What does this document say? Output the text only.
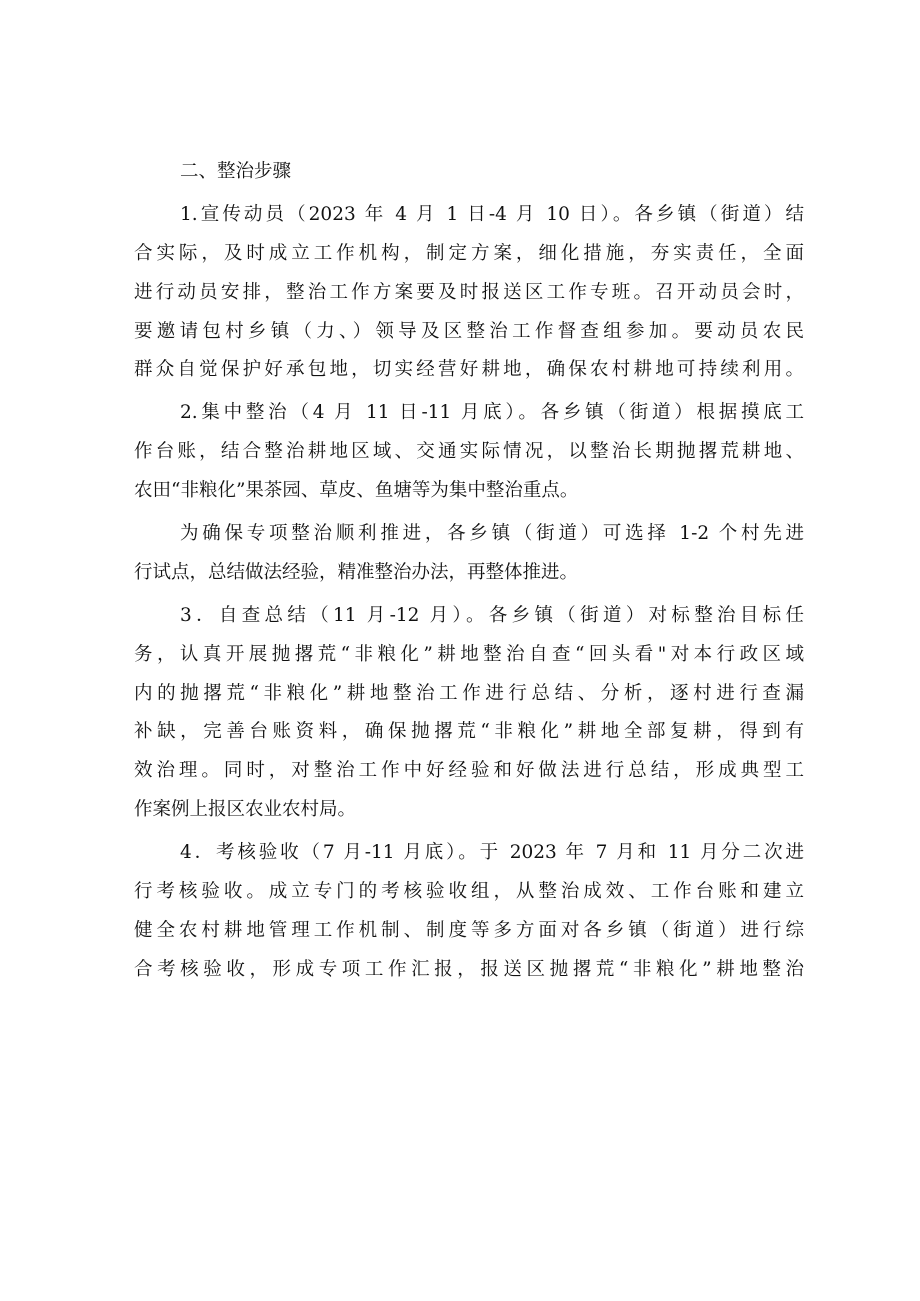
二、整治步骤
1.宣传动员（2023 年 4 月 1 日-4 月 10 日）。各乡镇（街道）结
合实际，及时成立工作机构，制定方案，细化措施，夯实责任，全面
进行动员安排，整治工作方案要及时报送区工作专班。召开动员会时，
要邀请包村乡镇（力、）领导及区整治工作督查组参加。要动员农民
群众自觉保护好承包地，切实经营好耕地，确保农村耕地可持续利用。
2.集中整治（4 月 11 日-11 月底）。各乡镇（街道）根据摸底工
作台账，结合整治耕地区域、交通实际情况，以整治长期抛撂荒耕地、
农田“非粮化”果茶园、草皮、鱼塘等为集中整治重点。
为确保专项整治顺利推进，各乡镇（街道）可选择 1-2 个村先进
行试点，总结做法经验，精准整治办法，再整体推进。
3．自查总结（11 月-12 月）。各乡镇（街道）对标整治目标任
务，认真开展抛撂荒“非粮化”耕地整治自查“回头看"对本行政区域
内的抛撂荒“非粮化”耕地整治工作进行总结、分析，逐村进行查漏
补缺，完善台账资料，确保抛撂荒“非粮化”耕地全部复耕，得到有
效治理。同时，对整治工作中好经验和好做法进行总结，形成典型工
作案例上报区农业农村局。
4．考核验收（7 月-11 月底）。于 2023 年 7 月和 11 月分二次进
行考核验收。成立专门的考核验收组，从整治成效、工作台账和建立
健全农村耕地管理工作机制、制度等多方面对各乡镇（街道）进行综
合考核验收，形成专项工作汇报，报送区抛撂荒“非粮化”耕地整治
